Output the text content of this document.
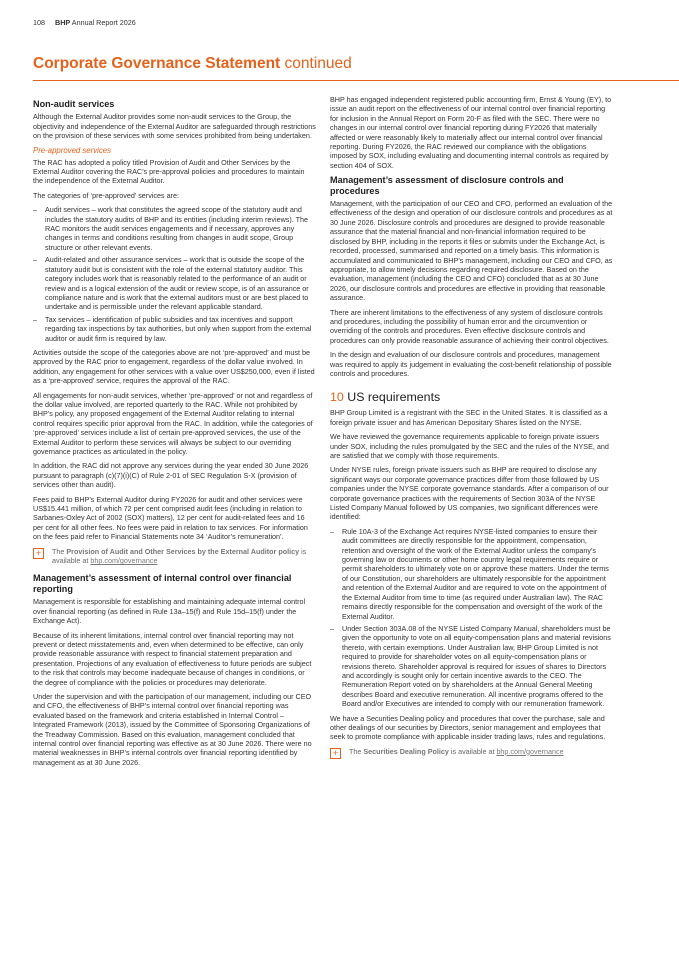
108 BHP Annual Report 2026
Corporate Governance Statement continued
Non-audit services

Although the External Auditor provides some non-audit services to the Group, the objectivity and independence of the External Auditor are safeguarded through restrictions on the provision of these services with some services prohibited from being undertaken.

Pre-approved services

The RAC has adopted a policy titled Provision of Audit and Other Services by the External Auditor covering the RAC’s pre-approval policies and procedures to maintain the independence of the External Auditor.

The categories of ‘pre-approved’ services are:

– Audit services – work that constitutes the agreed scope of the statutory audit and includes the statutory audits of BHP and its entities (including interim reviews). The RAC monitors the audit services engagements and if necessary, approves any changes in terms and conditions resulting from changes in audit scope, Group structure or other relevant events.
– Audit-related and other assurance services – work that is outside the scope of the statutory audit but is consistent with the role of the external statutory auditor. This category includes work that is reasonably related to the performance of an audit or review and is a logical extension of the audit or review scope, is of an assurance or compliance nature and is work that the external auditors must or are best placed to undertake and is permissible under the relevant applicable standard.
– Tax services – identification of public subsidies and tax incentives and support regarding tax inspections by tax authorities, but only when support from the external auditor or audit firm is required by law.

Activities outside the scope of the categories above are not ‘pre-approved’ and must be approved by the RAC prior to engagement, regardless of the dollar value involved. In addition, any engagement for other services with a value over US$250,000, even if listed as a ‘pre-approved’ service, requires the approval of the RAC.

All engagements for non-audit services, whether ‘pre-approved’ or not and regardless of the dollar value involved, are reported quarterly to the RAC. While not prohibited by BHP’s policy, any proposed engagement of the External Auditor relating to internal control requires specific prior approval from the RAC. In addition, while the categories of ‘pre-approved’ services include a list of certain pre-approved services, the use of the External Auditor to perform these services will always be subject to our overriding governance practices as articulated in the policy.

In addition, the RAC did not approve any services during the year ended 30 June 2026 pursuant to paragraph (c)(7)(i)(C) of Rule 2-01 of SEC Regulation S-X (provision of services other than audit).

Fees paid to BHP’s External Auditor during FY2026 for audit and other services were US$15.441 million, of which 72 per cent comprised audit fees (including in relation to Sarbanes-Oxley Act of 2002 (SOX) matters), 12 per cent for audit-related fees and 16 per cent for all other fees. No fees were paid in relation to tax services. For information on the fees paid refer to Financial Statements note 34 ‘Auditor’s remuneration’.

+	The Provision of Audit and Other Services by the External Auditor policy is available at bhp.com/governance
Management’s assessment of internal control over financial reporting

Management is responsible for establishing and maintaining adequate internal control over financial reporting (as defined in Rule 13a–15(f) and Rule 15d–15(f) under the Exchange Act).

Because of its inherent limitations, internal control over financial reporting may not prevent or detect misstatements and, even when determined to be effective, can only provide reasonable assurance with respect to financial statement preparation and presentation. Projections of any evaluation of effectiveness to future periods are subject to the risk that controls may become inadequate because of changes in conditions, or the degree of compliance with the policies or procedures may deteriorate.

Under the supervision and with the participation of our management, including our CEO and CFO, the effectiveness of BHP’s internal control over financial reporting was evaluated based on the framework and criteria established in Internal Control – Integrated Framework (2013), issued by the Committee of Sponsoring Organizations of the Treadway Commission. Based on this evaluation, management concluded that internal control over financial reporting was effective as at 30 June 2026. There were no material weaknesses in BHP’s internal controls over financial reporting identified by management as at 30 June 2026.

BHP has engaged independent registered public accounting firm, Ernst & Young (EY), to issue an audit report on the effectiveness of our internal control over financial reporting for inclusion in the Annual Report on Form 20-F as filed with the SEC. There were no changes in our internal control over financial reporting during FY2026 that materially affected or were reasonably likely to materially affect our internal control over financial reporting. During FY2026, the RAC reviewed our compliance with the obligations imposed by SOX, including evaluating and documenting internal controls as required by section 404 of SOX.

Management’s assessment of disclosure controls and procedures

Management, with the participation of our CEO and CFO, performed an evaluation of the effectiveness of the design and operation of our disclosure controls and procedures as at 30 June 2026. Disclosure controls and procedures are designed to provide reasonable assurance that the material financial and non-financial information required to be disclosed by BHP, including in the reports it files or submits under the Exchange Act, is recorded, processed, summarised and reported on a timely basis. This information is accumulated and communicated to BHP’s management, including our CEO and CFO, as appropriate, to allow timely decisions regarding required disclosure. Based on the evaluation, management (including the CEO and CFO) concluded that as at 30 June 2026, our disclosure controls and procedures are effective in providing that reasonable assurance.

There are inherent limitations to the effectiveness of any system of disclosure controls and procedures, including the possibility of human error and the circumvention or overriding of the controls and procedures. Even effective disclosure controls and procedures can only provide reasonable assurance of achieving their control objectives.

In the design and evaluation of our disclosure controls and procedures, management was required to apply its judgement in evaluating the cost-benefit relationship of possible controls and procedures.

10 US requirements

BHP Group Limited is a registrant with the SEC in the United States. It is classified as a foreign private issuer and has American Depositary Shares listed on the NYSE.

We have reviewed the governance requirements applicable to foreign private issuers under SOX, including the rules promulgated by the SEC and the rules of the NYSE, and are satisfied that we comply with those requirements.

Under NYSE rules, foreign private issuers such as BHP are required to disclose any significant ways our corporate governance practices differ from those followed by US companies under the NYSE corporate governance standards. After a comparison of our corporate governance practices with the requirements of Section 303A of the NYSE Listed Company Manual followed by US companies, two significant differences were identified:

– Rule 10A-3 of the Exchange Act requires NYSE-listed companies to ensure their audit committees are directly responsible for the appointment, compensation, retention and oversight of the work of the External Auditor unless the company’s governing law or documents or other home country legal requirements require or permit shareholders to ultimately vote on or approve these matters. Under the terms of our Constitution, our shareholders are ultimately responsible for the appointment and retention of the External Auditor and are required to vote on the appointment of the External Auditor from time to time (as required under Australian law). The RAC remains directly responsible for the compensation and oversight of the work of the External Auditor.
– Under Section 303A.08 of the NYSE Listed Company Manual, shareholders must be given the opportunity to vote on all equity-compensation plans and material revisions thereto, with certain exemptions. Under Australian law, BHP Group Limited is not required to provide for shareholder votes on all equity-compensation plans or revisions thereto. Shareholder approval is required for issues of shares to Directors and accordingly is sought only for certain incentive awards to the CEO. The Remuneration Report voted on by shareholders at the Annual General Meeting describes Board and executive remuneration. All incentive programs offered to the Board and/or Executives are intended to comply with our remuneration framework.

We have a Securities Dealing policy and procedures that cover the purchase, sale and other dealings of our securities by Directors, senior management and employees that seek to promote compliance with applicable insider trading laws, rules and regulations.

+	The Securities Dealing Policy is available at bhp.com/governance
